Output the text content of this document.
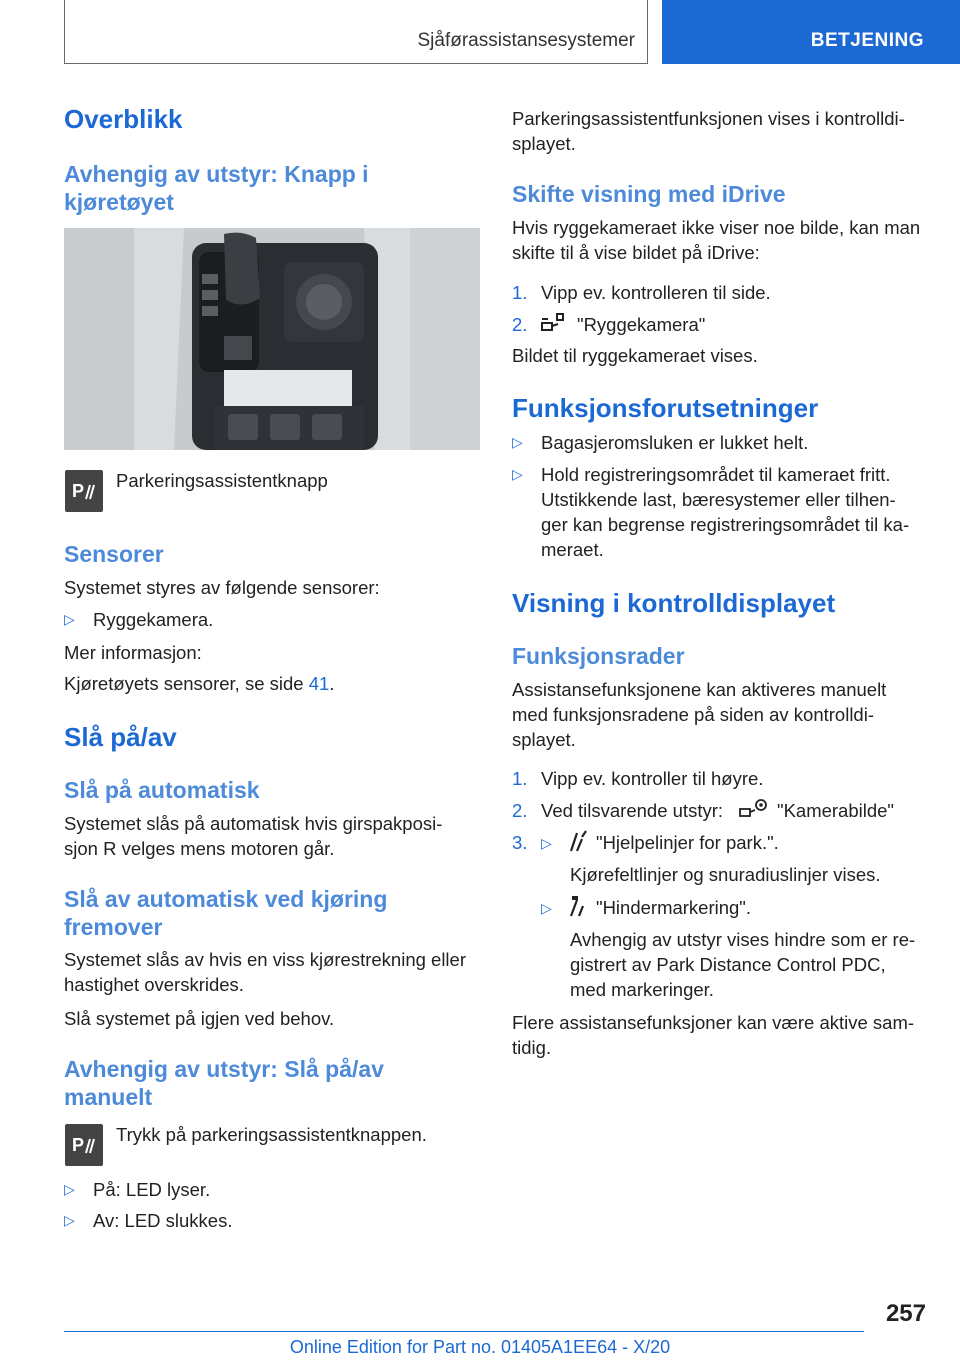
Sjåførassistansesystemer	BETJENING
Overblikk
Avhengig av utstyr: Knapp i kjøretøyet
P Parkeringsassistentknapp

Sensorer

Systemet styres av følgende sensorer:

▷ Ryggekamera.

Mer informasjon:

Kjøretøyets sensorer, se side 41.

Slå på/av
Slå på automatisk

Systemet slås på automatisk hvis girspakposi-

sjon R velges mens motoren går.

Slå av automatisk ved kjøring
fremover

Systemet slås av hvis en viss kjørestrekning eller

hastighet overskrides.

Slå systemet på igjen ved behov.

Avhengig av utstyr: Slå på/av
manuelt
P Trykk på parkeringsassistentknappen.

▷ På: LED lyser.
▷ Av: LED slukkes.

Parkeringsassistentfunksjonen vises i kontrolldi-

splayet.

Skifte visning med iDrive

Hvis ryggekameraet ikke viser noe bilde, kan man

skifte til å vise bildet på iDrive:

1. Vipp ev. kontrolleren til side.

2.	"Ryggekamera"

Bildet til ryggekameraet vises.

Funksjonsforutsetninger
▷ Bagasjeromsluken er lukket helt.
▷ Hold registreringsområdet til kameraet fritt.
Utstikkende last, bæresystemer eller tilhen-
ger kan begrense registreringsområdet til ka-
meraet.
Visning i kontrolldisplayet
Funksjonsrader

Assistansefunksjonene kan aktiveres manuelt

med funksjonsradene på siden av kontrolldi-

splayet.

1. Vipp ev. kontroller til høyre.

2. Ved tilsvarende utstyr:	"Kamerabilde"

3. ▷ "Hjelpelinjer for park.".

Kjørefeltlinjer og snuradiuslinjer vises.

▷ "Hindermarkering".

Avhengig av utstyr vises hindre som er re-

gistrert av Park Distance Control PDC,

med markeringer.

Flere assistansefunksjoner kan være aktive sam-

tidig.

257
Online Edition for Part no. 01405A1EE64 - X/20
